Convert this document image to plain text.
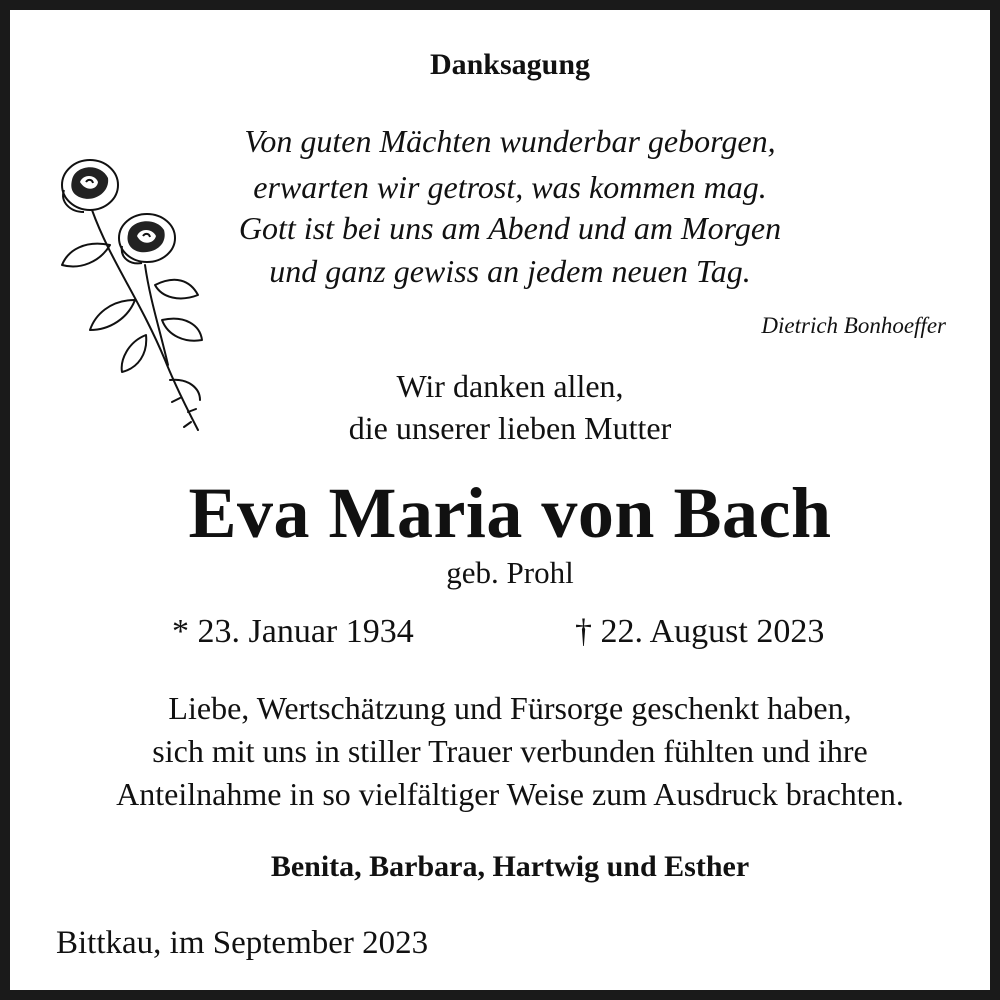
Danksagung
Von guten Mächten wunderbar geborgen,
erwarten wir getrost, was kommen mag.
Gott ist bei uns am Abend und am Morgen
und ganz gewiss an jedem neuen Tag.
Dietrich Bonhoeffer
Wir danken allen,
die unserer lieben Mutter
Eva Maria von Bach
geb. Prohl
* 23. Januar 1934	† 22. August 2023
Liebe, Wertschätzung und Fürsorge geschenkt haben,
sich mit uns in stiller Trauer verbunden fühlten und ihre
Anteilnahme in so vielfältiger Weise zum Ausdruck brachten.
Benita, Barbara, Hartwig und Esther
Bittkau, im September 2023
